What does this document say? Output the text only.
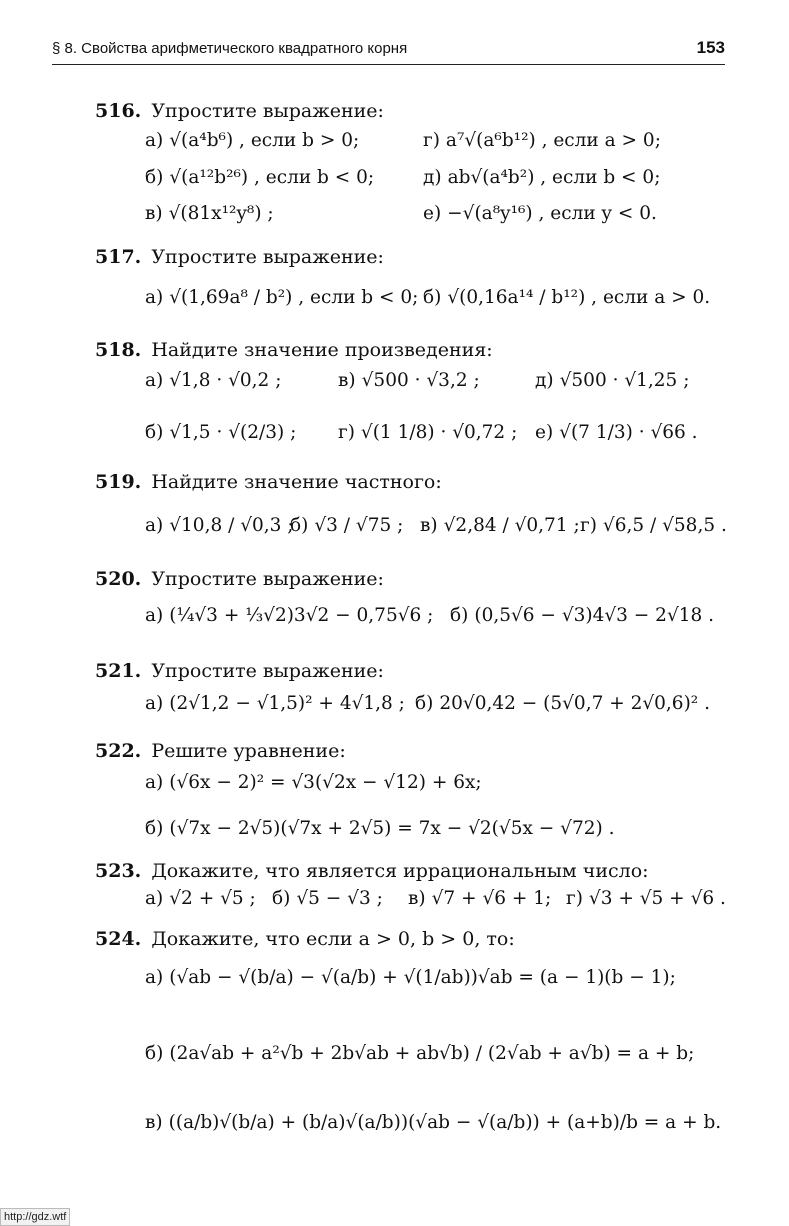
§ 8. Свойства арифметического квадратного корня	153
516. Упростите выражение:
а) √(a⁴b⁶) , если b > 0;	г) a⁷√(a⁶b¹²) , если a > 0;
б) √(a¹²b²⁶) , если b < 0;	д) ab√(a⁴b²) , если b < 0;
в) √(81x¹²y⁸) ;	е) −√(a⁸y¹⁶) , если y < 0.
517. Упростите выражение:
а) √(1,69a⁸ / b²) , если b < 0; б) √(0,16a¹⁴ / b¹²) , если a > 0.
518. Найдите значение произведения:
а) √1,8 · √0,2 ;	в) √500 · √3,2 ;	д) √500 · √1,25 ;
б) √1,5 · √(2/3) ; г) √(1 1/8) · √0,72 ; е) √(7 1/3) · √66 .
519. Найдите значение частного:
а) √10,8 / √0,3 ;
б) √3 / √75 ; в) √2,84 / √0,71 ; г) √6,5 / √58,5 .
520. Упростите выражение:
а) (¼√3 + ⅓√2)3√2 − 0,75√6 ; б) (0,5√6 − √3)4√3 − 2√18 .
521. Упростите выражение:
а) (2√1,2 − √1,5)² + 4√1,8 ; б) 20√0,42 − (5√0,7 + 2√0,6)² .
522. Решите уравнение:
а) (√6x − 2)² = √3(√2x − √12) + 6x;
б) (√7x − 2√5)(√7x + 2√5) = 7x − √2(√5x − √72) .
523. Докажите, что является иррациональным число:
а) √2 + √5 ; б) √5 − √3 ; в) √7 + √6 + 1; г) √3 + √5 + √6 .
524. Докажите, что если a > 0, b > 0, то:
а) (√ab − √(b/a) − √(a/b) + √(1/ab))√ab = (a − 1)(b − 1);
б) (2a√ab + a²√b + 2b√ab + ab√b) / (2√ab + a√b) = a + b;
в) ((a/b)√(b/a) + (b/a)√(a/b))(√ab − √(a/b)) + (a+b)/b = a + b.
http://gdz.wtf
